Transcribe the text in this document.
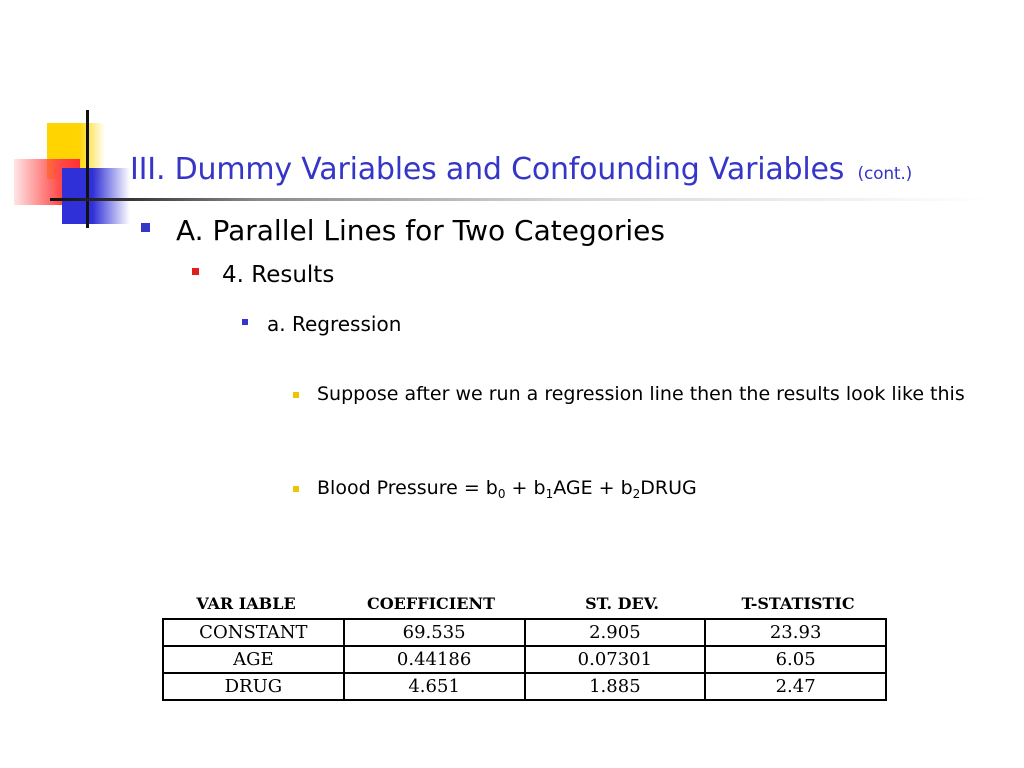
III. Dummy Variables and Confounding Variables (cont.)
A. Parallel Lines for Two Categories
4. Results
a. Regression
Suppose after we run a regression line then the results look like this
Blood Pressure = $b_0 + b_1AGE$ + $b_2DRUG$
VAR IABLE	COEFFICIENT	ST. DEV.	T-STATISTIC
CONSTANT	69.535	2.905	23.93
AGE	0.44186	0.07301	6.05
DRUG	4.651	1.885	2.47
